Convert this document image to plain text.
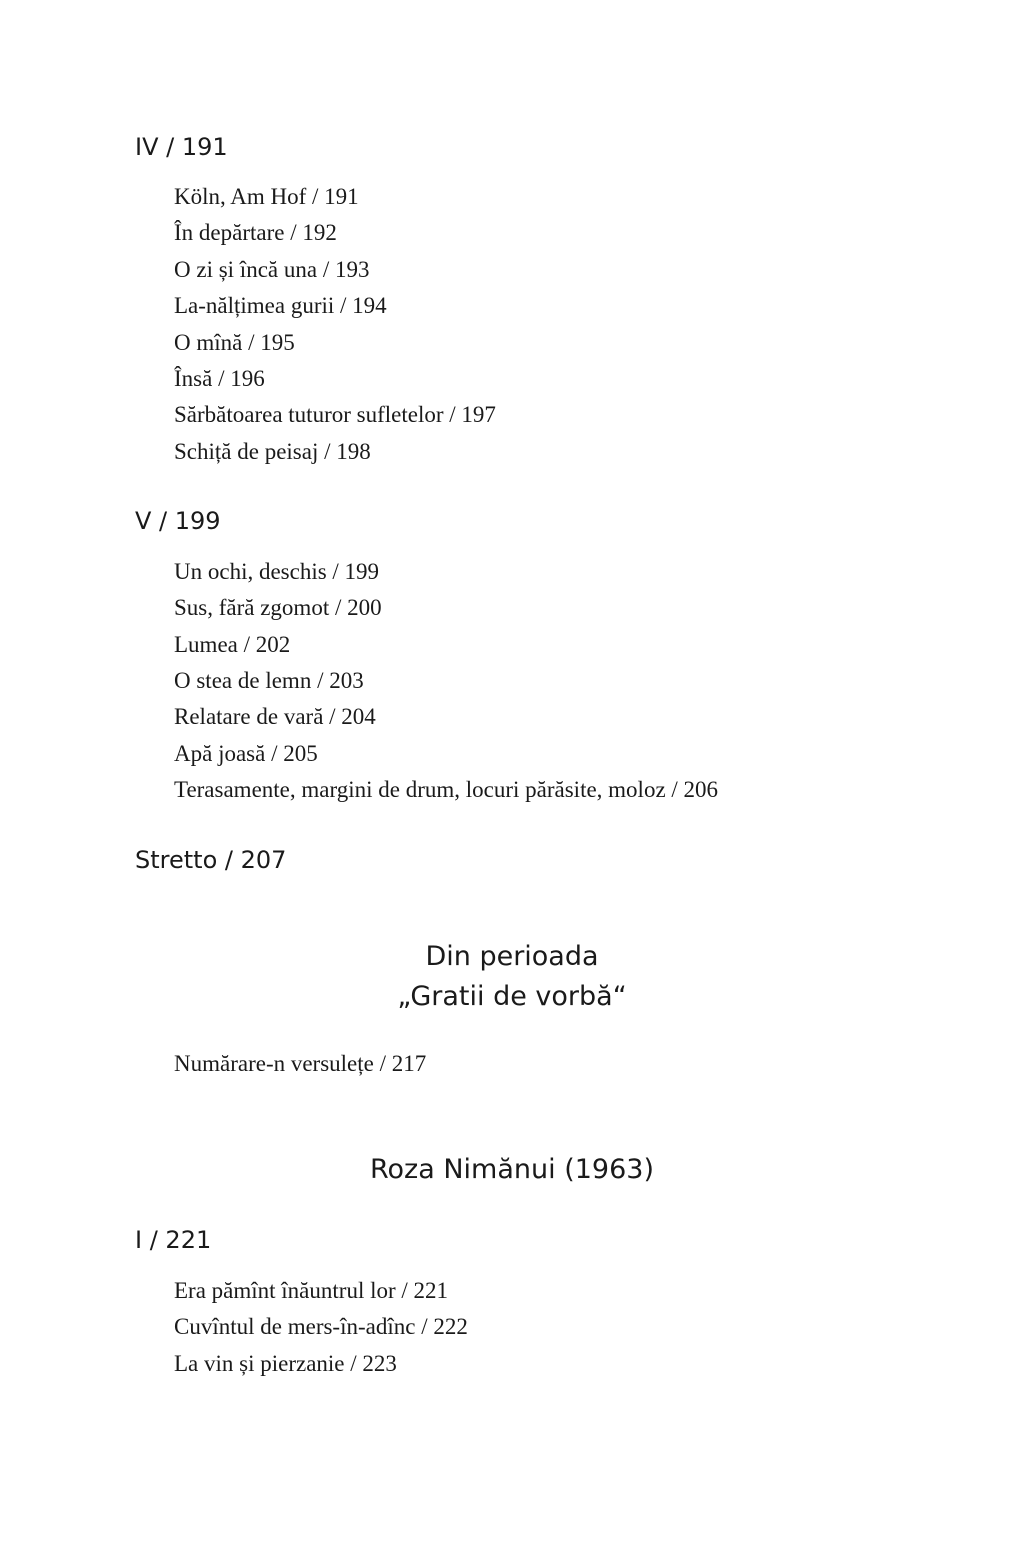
IV / 191
Köln, Am Hof / 191
În depărtare / 192
O zi și încă una / 193
La-nălțimea gurii / 194
O mînă / 195
Însă / 196
Sărbătoarea tuturor sufletelor / 197
Schiță de peisaj / 198
V / 199
Un ochi, deschis / 199
Sus, fără zgomot / 200
Lumea / 202
O stea de lemn / 203
Relatare de vară / 204
Apă joasă / 205
Terasamente, margini de drum, locuri părăsite, moloz / 206
Stretto / 207
Din perioada
„Gratii de vorbă“
Numărare-n versulețe / 217
Roza Nimănui (1963)
I / 221
Era pămînt înăuntrul lor / 221
Cuvîntul de mers-în-adînc / 222
La vin și pierzanie / 223
